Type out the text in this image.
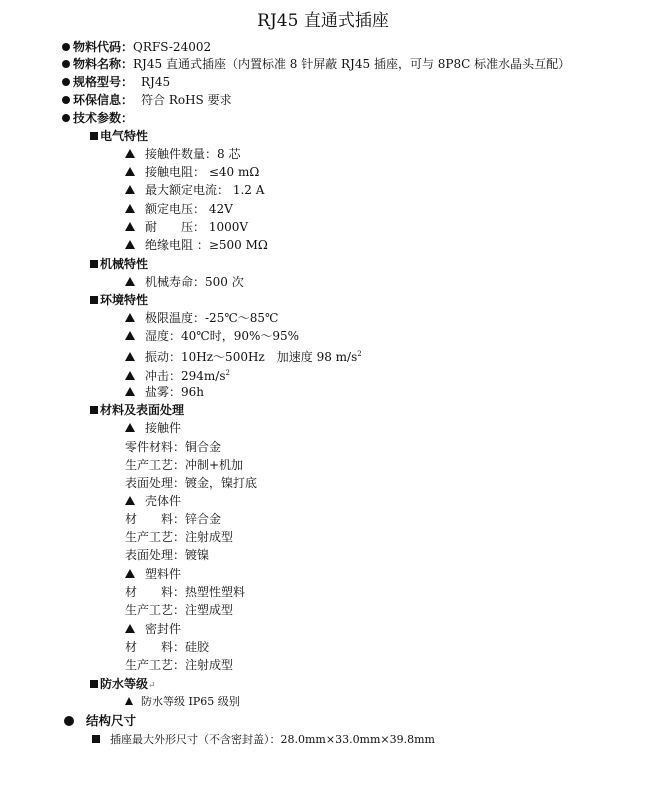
RJ45 直通式插座
物料代码：QRFS-24002
物料名称：RJ45 直通式插座（内置标准 8 针屏蔽 RJ45 插座，可与 8P8C 标准水晶头互配）
规格型号： RJ45
环保信息： 符合 RoHS 要求
技术参数：
电气特性
接触件数量：8 芯
接触电阻： ≤40 mΩ
最大额定电流： 1.2 A
额定电压： 42V
耐　　压： 1000V
绝缘电阻 ：≥500 MΩ
机械特性
机械寿命：500 次
环境特性
极限温度：-25℃～85℃
湿度：40℃时，90%～95%
振动：10Hz～500Hz　加速度 98 $m/s^2$
冲击：$294m/s^2$
盐雾：96h
材料及表面处理
接触件
零件材料：铜合金
生产工艺：冲制+机加
表面处理：镀金，镍打底
壳体件
材　　料：锌合金
生产工艺：注射成型
表面处理：镀镍
塑料件
材　　料：热塑性塑料
生产工艺：注塑成型
密封件
材　　料：硅胶
生产工艺：注射成型
防水等级↵
防水等级 IP65 级别
结构尺寸
插座最大外形尺寸（不含密封盖）：28.0mm×33.0mm×39.8mm
